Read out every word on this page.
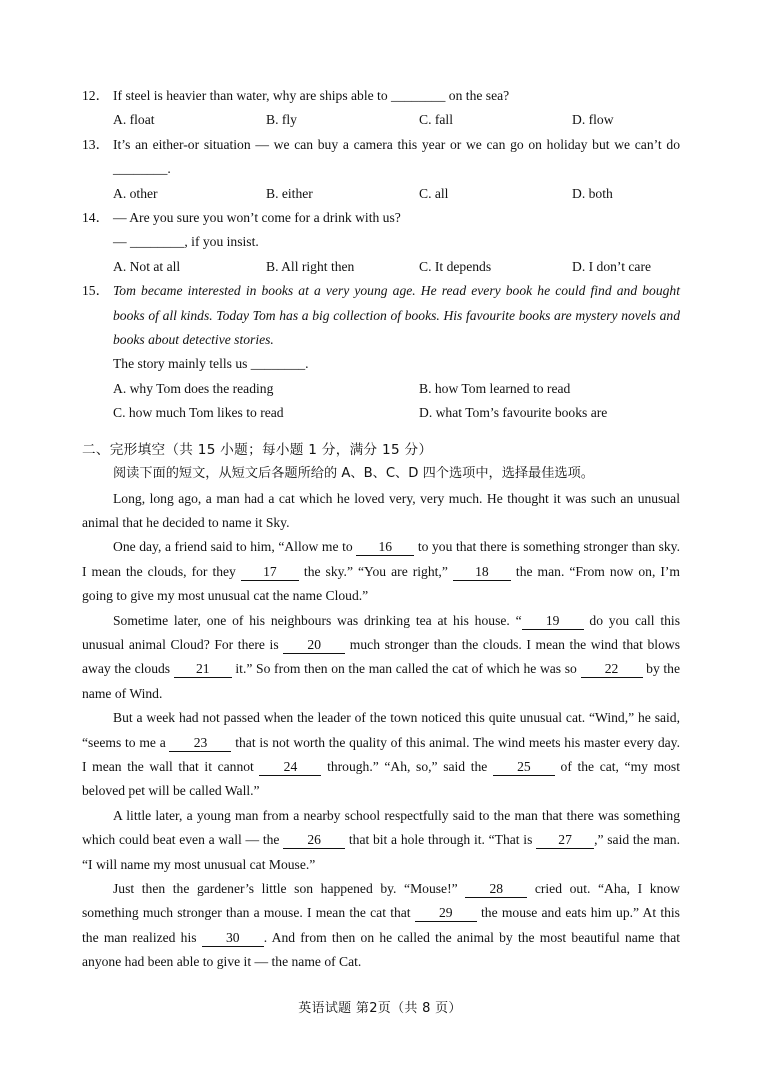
12． If steel is heavier than water, why are ships able to ________ on the sea?
A. float	B. fly	C. fall	D. flow
13． It’s an either-or situation — we can buy a camera this year or we can go on holiday but we can’t do ________.
A. other	B. either	C. all	D. both
14． — Are you sure you won’t come for a drink with us?
— ________, if you insist.
A. Not at all	B. All right then	C. It depends	D. I don’t care
15． Tom became interested in books at a very young age. He read every book he could find and bought books of all kinds. Today Tom has a big collection of books. His favourite books are mystery novels and books about detective stories.
The story mainly tells us ________.
A. why Tom does the reading	B. how Tom learned to read
C. how much Tom likes to read	D. what Tom’s favourite books are
二、完形填空（共 15 小题；每小题 1 分，满分 15 分）
阅读下面的短文，从短文后各题所给的 A、B、C、D 四个选项中，选择最佳选项。
Long, long ago, a man had a cat which he loved very, very much. He thought it was such an unusual animal that he decided to name it Sky.
One day, a friend said to him, “Allow me to 16 to you that there is something stronger than sky. I mean the clouds, for they 17 the sky.” “You are right,” 18 the man. “From now on, I’m going to give my most unusual cat the name Cloud.”
Sometime later, one of his neighbours was drinking tea at his house. “ 19 do you call this unusual animal Cloud? For there is 20 much stronger than the clouds. I mean the wind that blows away the clouds 21 it.” So from then on the man called the cat of which he was so 22 by the name of Wind.
But a week had not passed when the leader of the town noticed this quite unusual cat. “Wind,” he said, “seems to me a 23 that is not worth the quality of this animal. The wind meets his master every day. I mean the wall that it cannot 24 through.” “Ah, so,” said the 25 of the cat, “my most beloved pet will be called Wall.”
A little later, a young man from a nearby school respectfully said to the man that there was something which could beat even a wall — the 26 that bit a hole through it. “That is 27 ,” said the man. “I will name my most unusual cat Mouse.”
Just then the gardener’s little son happened by. “Mouse!” 28 cried out. “Aha, I know something much stronger than a mouse. I mean the cat that 29 the mouse and eats him up.” At this the man realized his 30 . And from then on he called the animal by the most beautiful name that anyone had been able to give it — the name of Cat.
英语试题 第2页（共 8 页）
